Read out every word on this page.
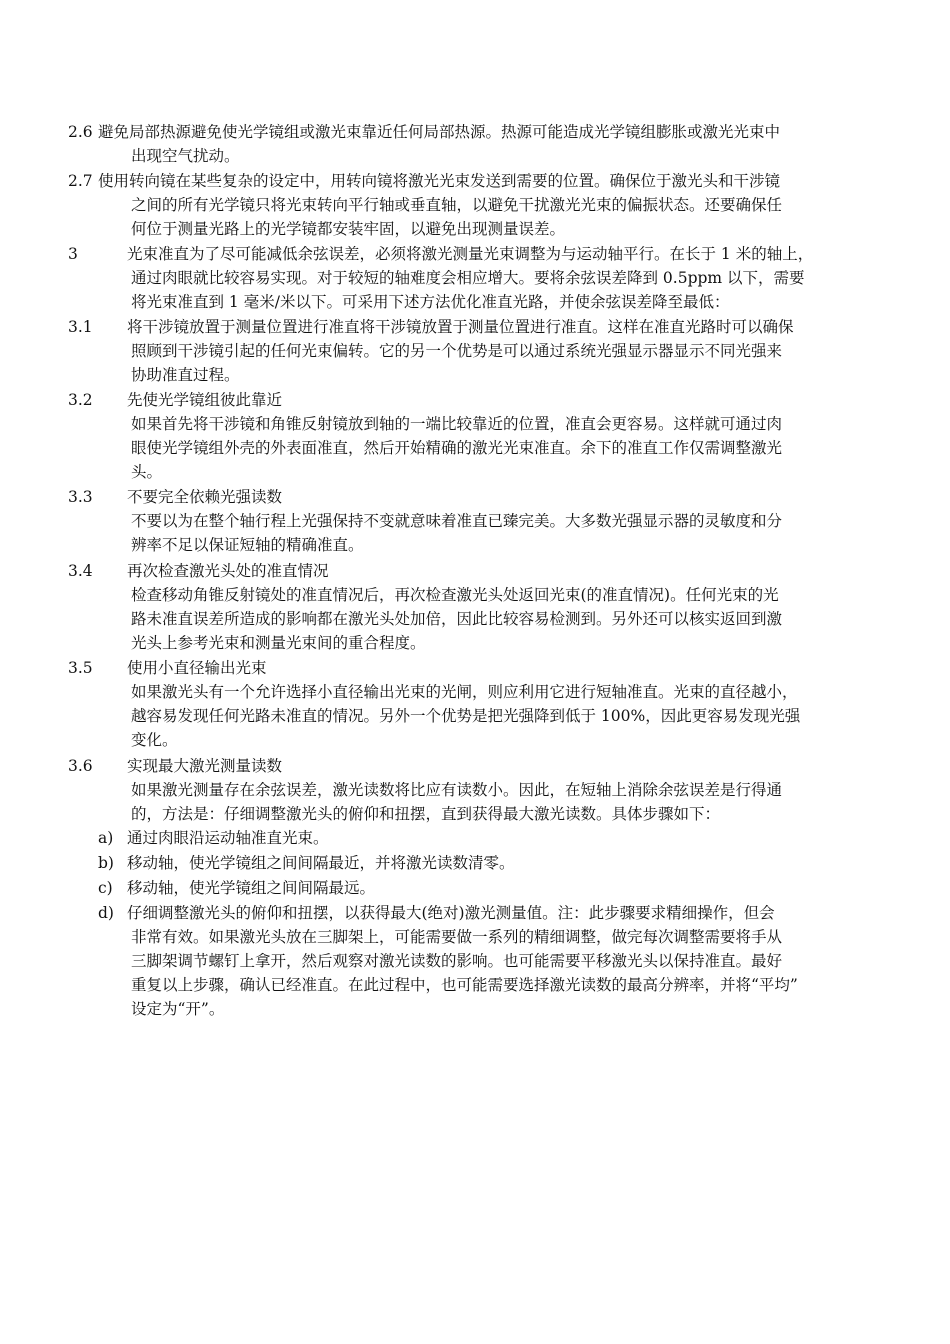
2.6 避免局部热源避免使光学镜组或激光束靠近任何局部热源。热源可能造成光学镜组膨胀或激光光束中
出现空气扰动。
2.7 使用转向镜在某些复杂的设定中，用转向镜将激光光束发送到需要的位置。确保位于激光头和干涉镜
之间的所有光学镜只将光束转向平行轴或垂直轴，以避免干扰激光光束的偏振状态。还要确保任
何位于测量光路上的光学镜都安装牢固，以避免出现测量误差。
3	光束准直为了尽可能减低余弦误差，必须将激光测量光束调整为与运动轴平行。在长于 1 米的轴上，
通过肉眼就比较容易实现。对于较短的轴难度会相应增大。要将余弦误差降到 0.5ppm 以下，需要
将光束准直到 1 毫米/米以下。可采用下述方法优化准直光路，并使余弦误差降至最低：
3.1 将干涉镜放置于测量位置进行准直将干涉镜放置于测量位置进行准直。这样在准直光路时可以确保
照顾到干涉镜引起的任何光束偏转。它的另一个优势是可以通过系统光强显示器显示不同光强来
协助准直过程。
3.2 先使光学镜组彼此靠近
如果首先将干涉镜和角锥反射镜放到轴的一端比较靠近的位置，准直会更容易。这样就可通过肉
眼使光学镜组外壳的外表面准直，然后开始精确的激光光束准直。余下的准直工作仅需调整激光
头。
3.3 不要完全依赖光强读数
不要以为在整个轴行程上光强保持不变就意味着准直已臻完美。大多数光强显示器的灵敏度和分
辨率不足以保证短轴的精确准直。
3.4 再次检查激光头处的准直情况
检查移动角锥反射镜处的准直情况后，再次检查激光头处返回光束(的准直情况)。任何光束的光
路未准直误差所造成的影响都在激光头处加倍，因此比较容易检测到。另外还可以核实返回到激
光头上参考光束和测量光束间的重合程度。
3.5 使用小直径输出光束
如果激光头有一个允许选择小直径输出光束的光闸，则应利用它进行短轴准直。光束的直径越小，
越容易发现任何光路未准直的情况。另外一个优势是把光强降到低于 100%，因此更容易发现光强
变化。
3.6 实现最大激光测量读数
如果激光测量存在余弦误差，激光读数将比应有读数小。因此，在短轴上消除余弦误差是行得通
的，方法是：仔细调整激光头的俯仰和扭摆，直到获得最大激光读数。具体步骤如下：
a) 通过肉眼沿运动轴准直光束。
b) 移动轴，使光学镜组之间间隔最近，并将激光读数清零。
c) 移动轴，使光学镜组之间间隔最远。
d) 仔细调整激光头的俯仰和扭摆，以获得最大(绝对)激光测量值。注：此步骤要求精细操作，但会
非常有效。如果激光头放在三脚架上，可能需要做一系列的精细调整，做完每次调整需要将手从
三脚架调节螺钉上拿开，然后观察对激光读数的影响。也可能需要平移激光头以保持准直。最好
重复以上步骤，确认已经准直。在此过程中，也可能需要选择激光读数的最高分辨率，并将“平均”
设定为“开”。
